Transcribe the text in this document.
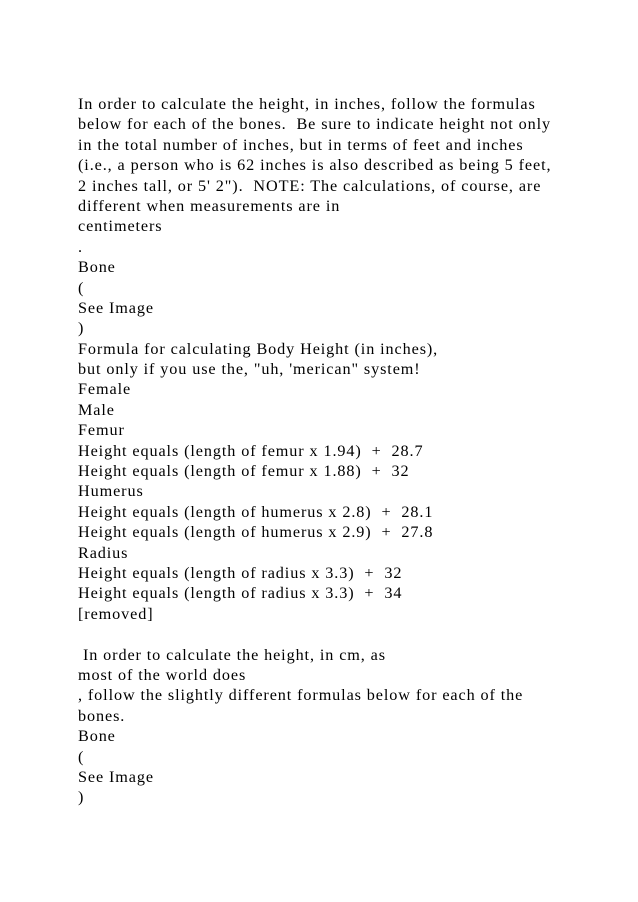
In order to calculate the height, in inches, follow the formulas
below for each of the bones.  Be sure to indicate height not only
in the total number of inches, but in terms of feet and inches
(i.e., a person who is 62 inches is also described as being 5 feet,
2 inches tall, or 5' 2").  NOTE: The calculations, of course, are
different when measurements are in
centimeters
.
Bone
(
See Image
)
Formula for calculating Body Height (in inches),
but only if you use the, "uh, 'merican" system!
Female
Male
Femur
Height equals (length of femur x 1.94)  +  28.7
Height equals (length of femur x 1.88)  +  32
Humerus
Height equals (length of humerus x 2.8)  +  28.1
Height equals (length of humerus x 2.9)  +  27.8
Radius
Height equals (length of radius x 3.3)  +  32
Height equals (length of radius x 3.3)  +  34
[removed]
In order to calculate the height, in cm, as
most of the world does
, follow the slightly different formulas below for each of the
bones.
Bone
(
See Image
)
